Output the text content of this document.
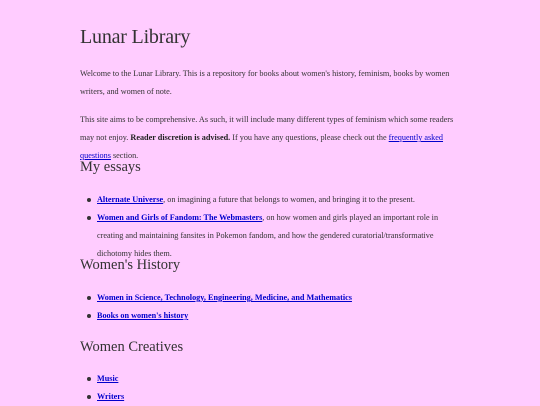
Lunar Library

Welcome to the Lunar Library. This is a repository for books about women's history, feminism, books by women writers, and women of note.

This site aims to be comprehensive. As such, it will include many different types of feminism which some readers may not enjoy. Reader discretion is advised. If you have any questions, please check out the frequently asked questions section.

My essays
Alternate Universe, on imagining a future that belongs to women, and bringing it to the present.
Women and Girls of Fandom: The Webmasters, on how women and girls played an important role in creating and maintaining fansites in Pokemon fandom, and how the gendered curatorial/transformative dichotomy hides them.
Women's History
Women in Science, Technology, Engineering, Medicine, and Mathematics
Books on women's history
Women Creatives
Music
Writers
